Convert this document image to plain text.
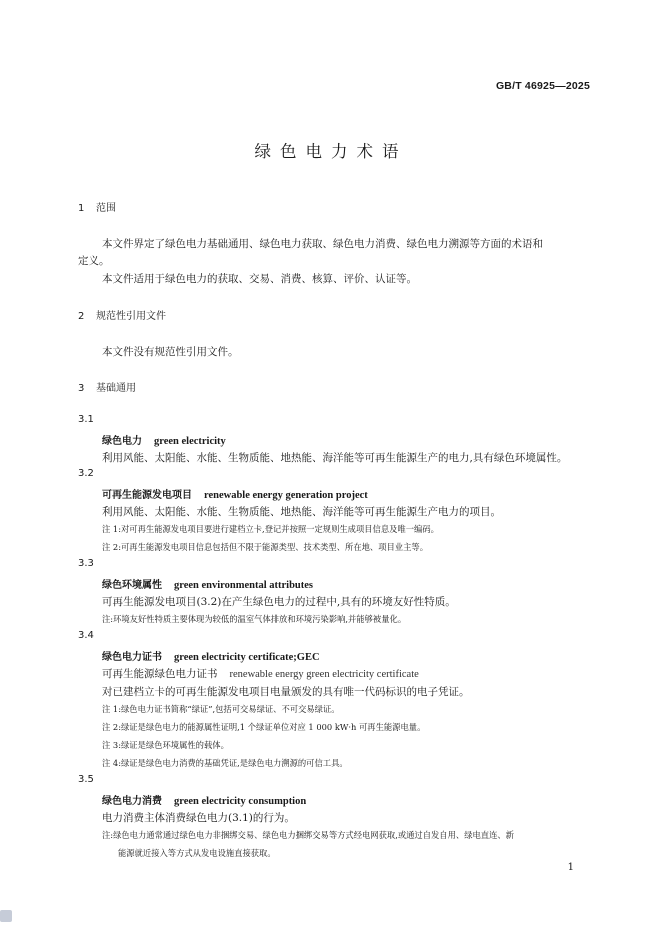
GB/T 46925—2025
绿色电力术语
1 范围
本文件界定了绿色电力基础通用、绿色电力获取、绿色电力消费、绿色电力溯源等方面的术语和
定义。
本文件适用于绿色电力的获取、交易、消费、核算、评价、认证等。
2 规范性引用文件
本文件没有规范性引用文件。
3 基础通用
3.1
绿色电力 green electricity
利用风能、太阳能、水能、生物质能、地热能、海洋能等可再生能源生产的电力,具有绿色环境属性。
3.2
可再生能源发电项目 renewable energy generation project
利用风能、太阳能、水能、生物质能、地热能、海洋能等可再生能源生产电力的项目。
注 1:对可再生能源发电项目要进行建档立卡,登记并按照一定规则生成项目信息及唯一编码。
注 2:可再生能源发电项目信息包括但不限于能源类型、技术类型、所在地、项目业主等。
3.3
绿色环境属性 green environmental attributes
可再生能源发电项目(3.2)在产生绿色电力的过程中,具有的环境友好性特质。
注:环境友好性特质主要体现为较低的温室气体排放和环境污染影响,并能够被量化。
3.4
绿色电力证书 green electricity certificate;GEC
可再生能源绿色电力证书 renewable energy green electricity certificate
对已建档立卡的可再生能源发电项目电量颁发的具有唯一代码标识的电子凭证。
注 1:绿色电力证书简称“绿证”,包括可交易绿证、不可交易绿证。
注 2:绿证是绿色电力的能源属性证明,1 个绿证单位对应 1 000 kW·h 可再生能源电量。
注 3:绿证是绿色环境属性的载体。
注 4:绿证是绿色电力消费的基础凭证,是绿色电力溯源的可信工具。
3.5
绿色电力消费 green electricity consumption
电力消费主体消费绿色电力(3.1)的行为。
注:绿色电力通常通过绿色电力非捆绑交易、绿色电力捆绑交易等方式经电网获取,或通过自发自用、绿电直连、新
能源就近接入等方式从发电设施直接获取。
1
